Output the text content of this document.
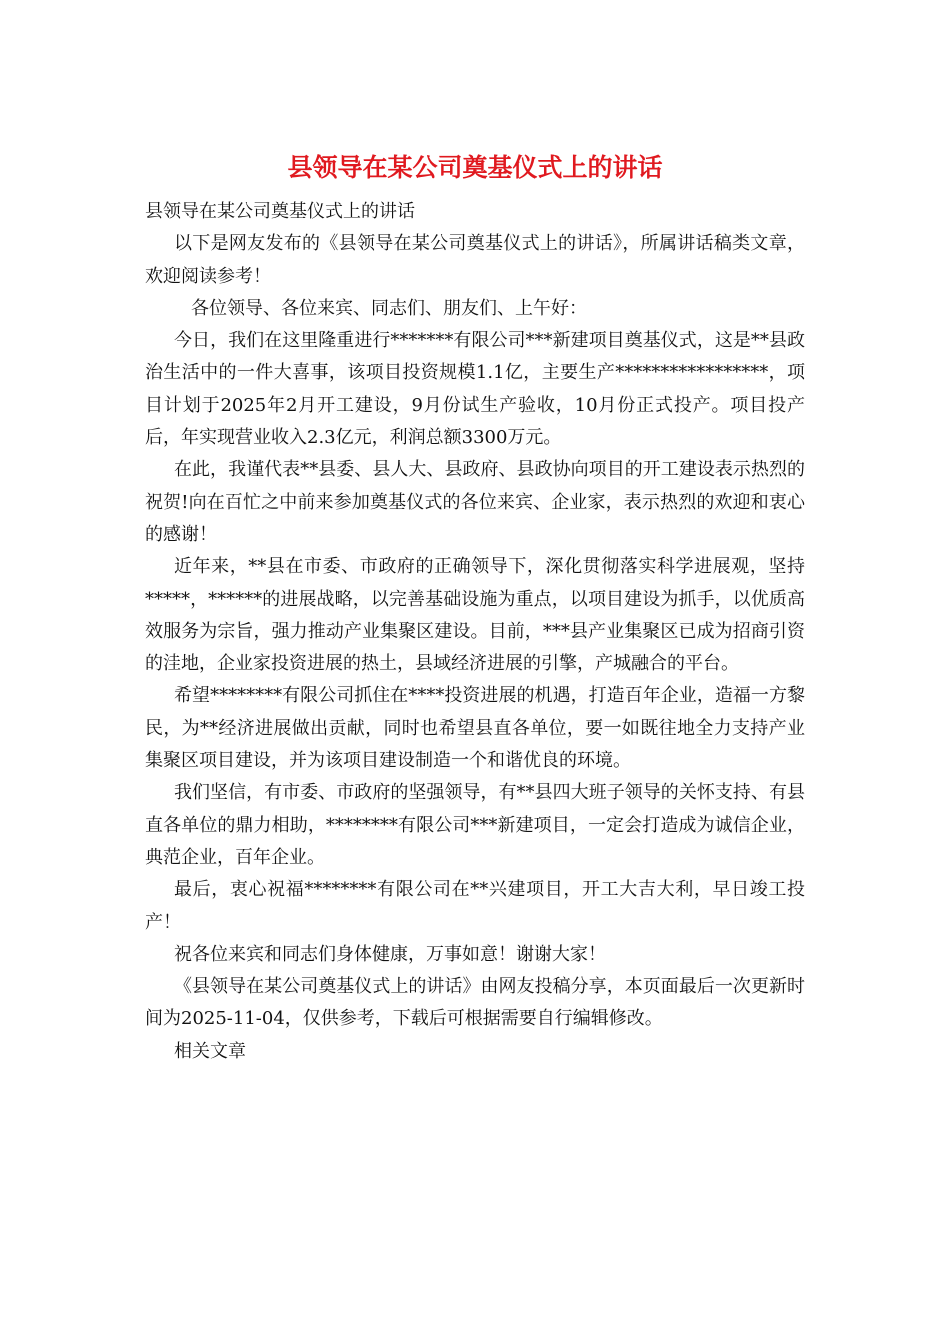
县领导在某公司奠基仪式上的讲话

县领导在某公司奠基仪式上的讲话

以下是网友发布的《县领导在某公司奠基仪式上的讲话》，所属讲话稿类文章，欢迎阅读参考！

各位领导、各位来宾、同志们、朋友们、上午好：

今日，我们在这里隆重进行*******有限公司***新建项目奠基仪式，这是**县政治生活中的一件大喜事，该项目投资规模1.1亿，主要生产*****************，项目计划于2025年2月开工建设，9月份试生产验收，10月份正式投产。项目投产后，年实现营业收入2.3亿元，利润总额3300万元。

在此，我谨代表**县委、县人大、县政府、县政协向项目的开工建设表示热烈的祝贺!向在百忙之中前来参加奠基仪式的各位来宾、企业家，表示热烈的欢迎和衷心的感谢！

近年来，**县在市委、市政府的正确领导下，深化贯彻落实科学进展观，坚持*****，******的进展战略，以完善基础设施为重点，以项目建设为抓手，以优质高效服务为宗旨，强力推动产业集聚区建设。目前，***县产业集聚区已成为招商引资的洼地，企业家投资进展的热土，县域经济进展的引擎，产城融合的平台。

希望********有限公司抓住在****投资进展的机遇，打造百年企业，造福一方黎民，为**经济进展做出贡献，同时也希望县直各单位，要一如既往地全力支持产业集聚区项目建设，并为该项目建设制造一个和谐优良的环境。

我们坚信，有市委、市政府的坚强领导，有**县四大班子领导的关怀支持、有县直各单位的鼎力相助，********有限公司***新建项目，一定会打造成为诚信企业，典范企业，百年企业。

最后，衷心祝福********有限公司在**兴建项目，开工大吉大利，早日竣工投产！

祝各位来宾和同志们身体健康，万事如意！谢谢大家！

《县领导在某公司奠基仪式上的讲话》由网友投稿分享，本页面最后一次更新时间为2025-11-04，仅供参考，下载后可根据需要自行编辑修改。

相关文章
